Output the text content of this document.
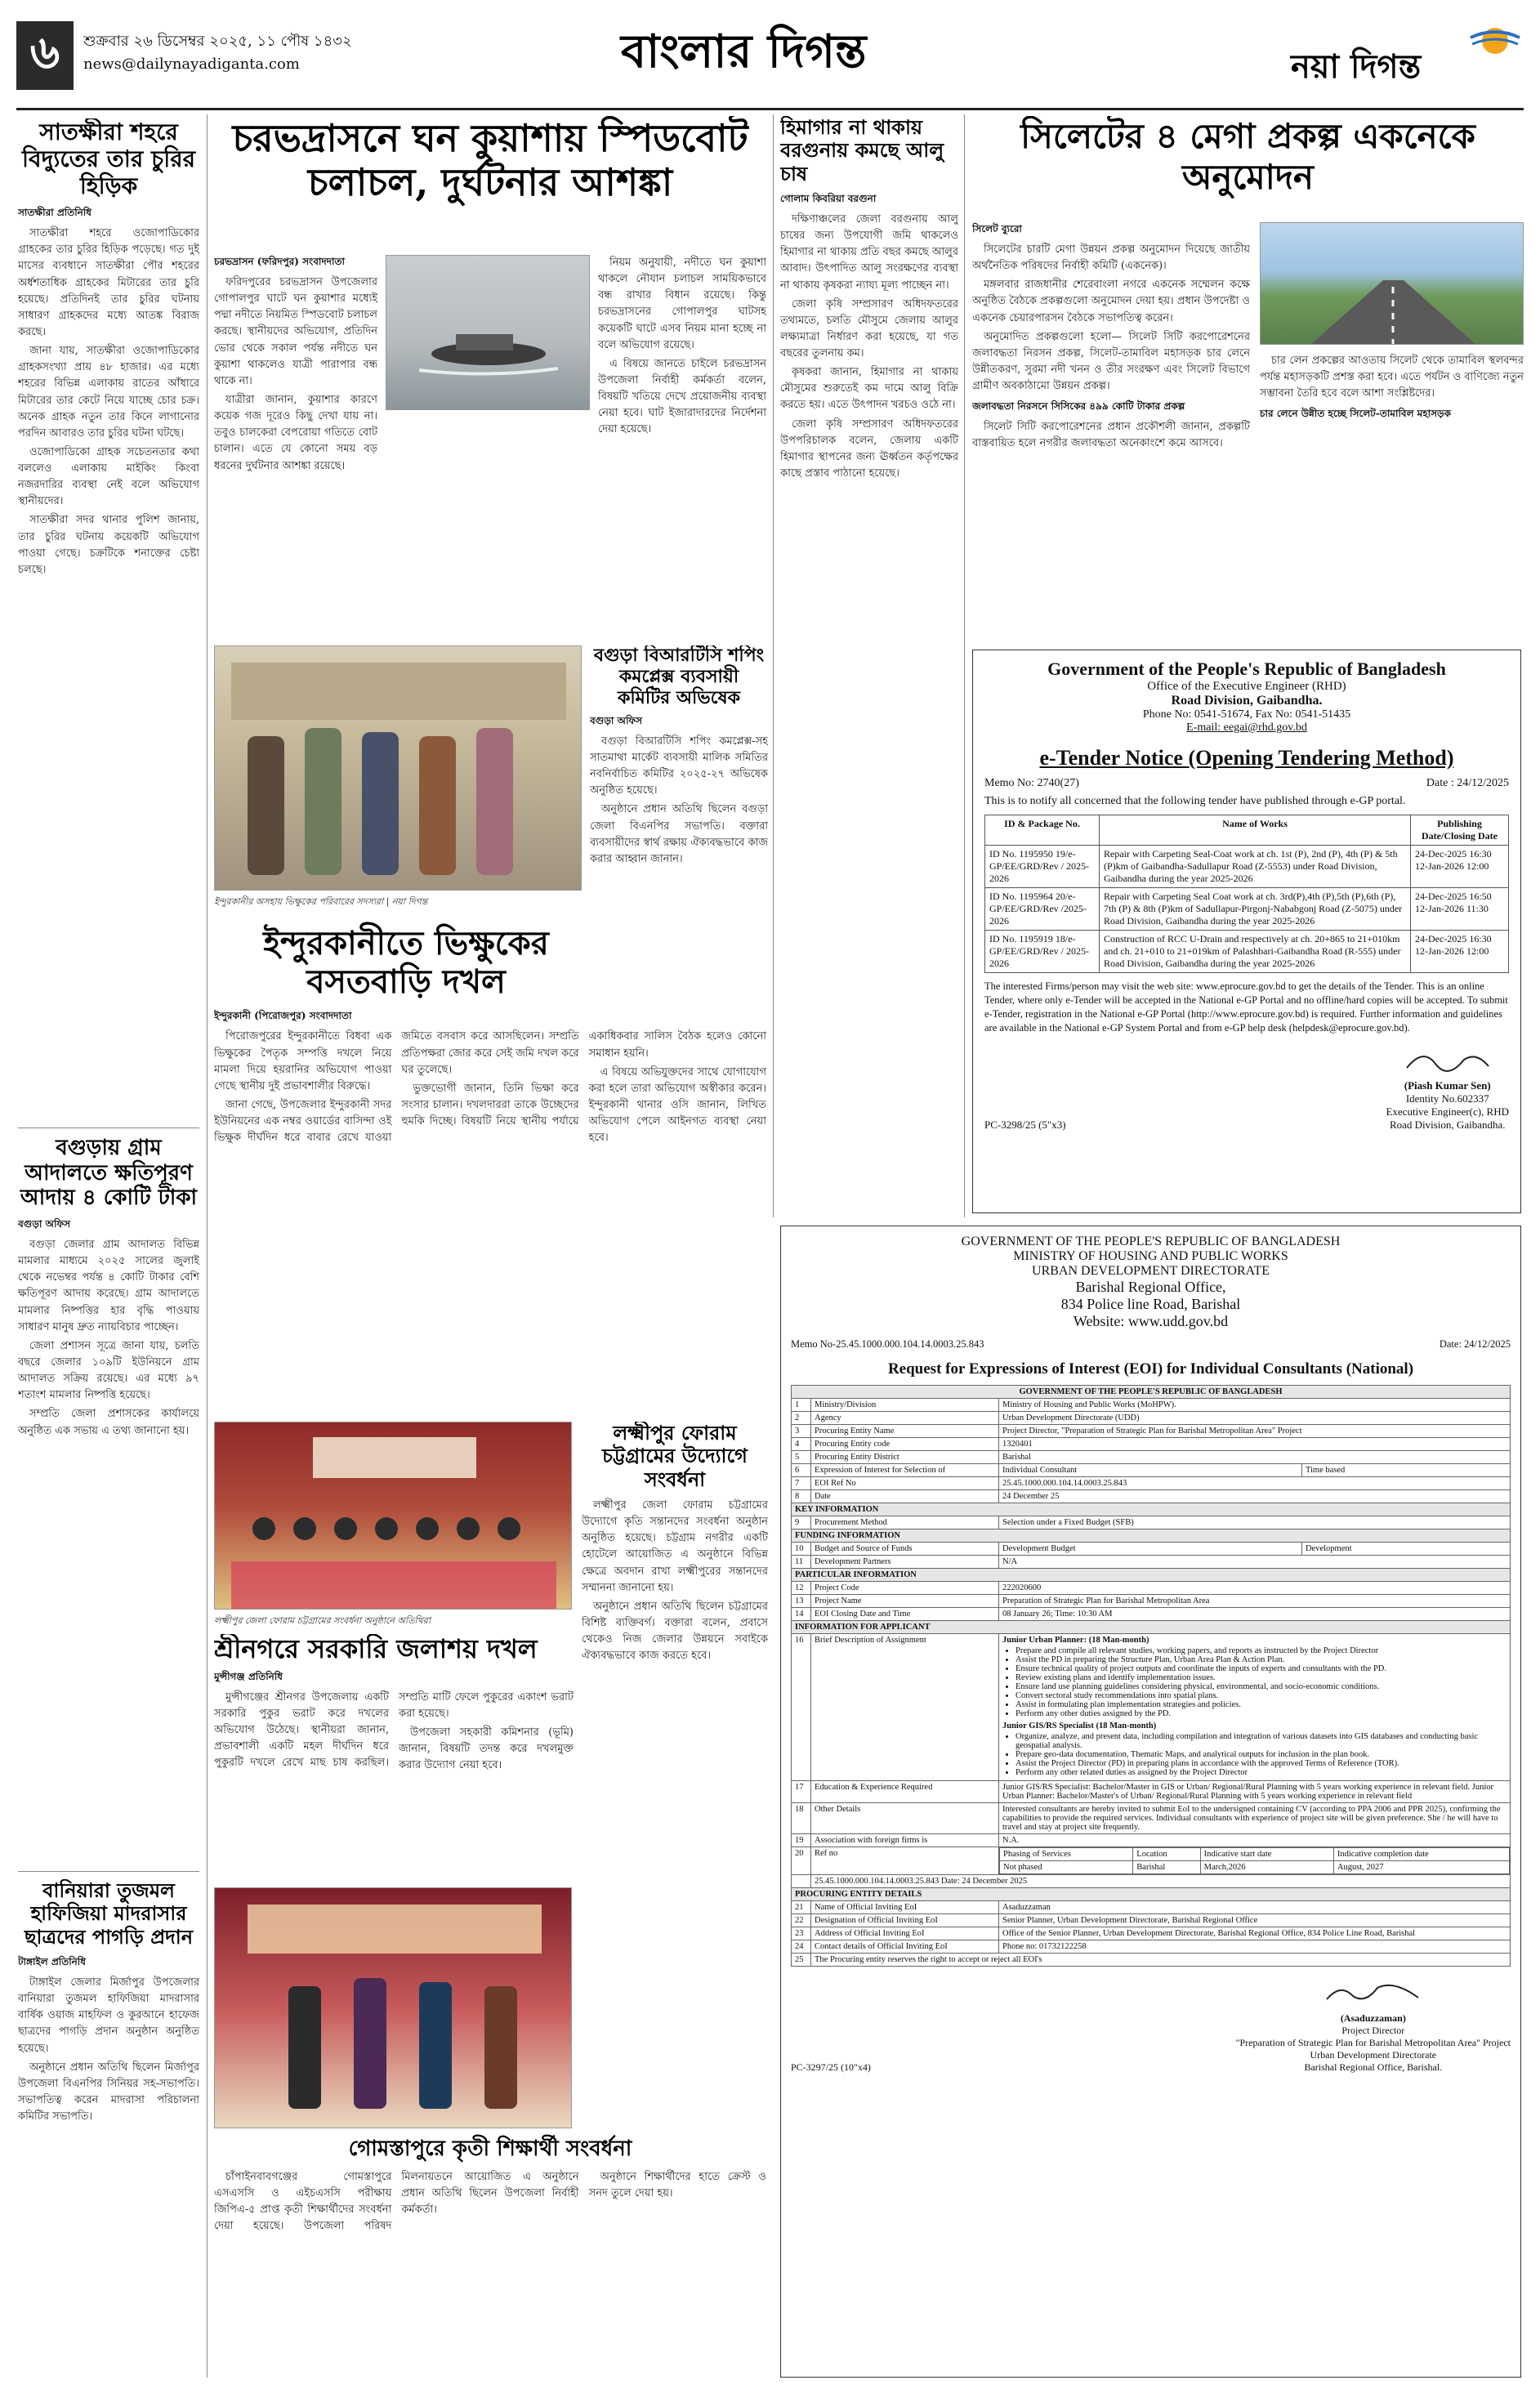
৬ শুক্রবার ২৬ ডিসেম্বর ২০২৫, ১১ পৌষ ১৪৩২
news@dailynayadiganta.com	বাংলার দিগন্ত	নয়া দিগন্ত
সাতক্ষীরা শহরে বিদ্যুতের তার চুরির হিড়িক
সাতক্ষীরা প্রতিনিধি

সাতক্ষীরা শহরে ওজোপাডিকোর গ্রাহকের তার চুরির হিড়িক পড়েছে। গত দুই মাসের ব্যবধানে সাতক্ষীরা পৌর শহরের অর্ধশতাধিক গ্রাহকের মিটারের তার চুরি হয়েছে। প্রতিদিনই তার চুরির ঘটনায় সাধারণ গ্রাহকদের মধ্যে আতঙ্ক বিরাজ করছে।

জানা যায়, সাতক্ষীরা ওজোপাডিকোর গ্রাহকসংখ্যা প্রায় ৪৮ হাজার। এর মধ্যে শহরের বিভিন্ন এলাকায় রাতের আঁধারে মিটারের তার কেটে নিয়ে যাচ্ছে চোর চক্র। অনেক গ্রাহক নতুন তার কিনে লাগানোর পরদিন আবারও তার চুরির ঘটনা ঘটছে।

ওজোপাডিকো গ্রাহক সচেতনতার কথা বললেও এলাকায় মাইকিং কিংবা নজরদারির ব্যবস্থা নেই বলে অভিযোগ স্থানীয়দের।

সাতক্ষীরা সদর থানার পুলিশ জানায়, তার চুরির ঘটনায় কয়েকটি অভিযোগ পাওয়া গেছে। চক্রটিকে শনাক্তের চেষ্টা চলছে।

বগুড়ায় গ্রাম আদালতে ক্ষতিপূরণ আদায় ৪ কোটি টাকা
বগুড়া অফিস

বগুড়া জেলার গ্রাম আদালত বিভিন্ন মামলার মাধ্যমে ২০২৫ সালের জুলাই থেকে নভেম্বর পর্যন্ত ৪ কোটি টাকার বেশি ক্ষতিপূরণ আদায় করেছে। গ্রাম আদালতে মামলার নিষ্পত্তির হার বৃদ্ধি পাওয়ায় সাধারণ মানুষ দ্রুত ন্যায়বিচার পাচ্ছেন।

জেলা প্রশাসন সূত্রে জানা যায়, চলতি বছরে জেলার ১০৯টি ইউনিয়নে গ্রাম আদালত সক্রিয় রয়েছে। এর মধ্যে ৯৭ শতাংশ মামলার নিষ্পত্তি হয়েছে।

সম্প্রতি জেলা প্রশাসকের কার্যালয়ে অনুষ্ঠিত এক সভায় এ তথ্য জানানো হয়।

বানিয়ারা তুজমল হাফিজিয়া মাদরাসার ছাত্রদের পাগড়ি প্রদান
টাঙ্গাইল প্রতিনিধি

টাঙ্গাইল জেলার মির্জাপুর উপজেলার বানিয়ারা তুজমল হাফিজিয়া মাদরাসার বার্ষিক ওয়াজ মাহফিল ও কুরআনে হাফেজ ছাত্রদের পাগড়ি প্রদান অনুষ্ঠান অনুষ্ঠিত হয়েছে।

অনুষ্ঠানে প্রধান অতিথি ছিলেন মির্জাপুর উপজেলা বিএনপির সিনিয়র সহ-সভাপতি। সভাপতিত্ব করেন মাদরাসা পরিচালনা কমিটির সভাপতি।

চরভদ্রাসনে ঘন কুয়াশায় স্পিডবোট
চলাচল, দুর্ঘটনার আশঙ্কা
চরভদ্রাসন (ফরিদপুর) সংবাদদাতা

ফরিদপুরের চরভদ্রাসন উপজেলার গোপালপুর ঘাটে ঘন কুয়াশার মধ্যেই পদ্মা নদীতে নিয়মিত স্পিডবোট চলাচল করছে। স্থানীয়দের অভিযোগ, প্রতিদিন ভোর থেকে সকাল পর্যন্ত নদীতে ঘন কুয়াশা থাকলেও যাত্রী পারাপার বন্ধ থাকে না।

যাত্রীরা জানান, কুয়াশার কারণে কয়েক গজ দূরেও কিছু দেখা যায় না। তবুও চালকেরা বেপরোয়া গতিতে বোট চালান। এতে যে কোনো সময় বড় ধরনের দুর্ঘটনার আশঙ্কা রয়েছে।

নিয়ম অনুযায়ী, নদীতে ঘন কুয়াশা থাকলে নৌযান চলাচল সাময়িকভাবে বন্ধ রাখার বিধান রয়েছে। কিন্তু চরভদ্রাসনের গোপালপুর ঘাটসহ কয়েকটি ঘাটে এসব নিয়ম মানা হচ্ছে না বলে অভিযোগ রয়েছে।

এ বিষয়ে জানতে চাইলে চরভদ্রাসন উপজেলা নির্বাহী কর্মকর্তা বলেন, বিষয়টি খতিয়ে দেখে প্রয়োজনীয় ব্যবস্থা নেয়া হবে। ঘাট ইজারাদারদের নির্দেশনা দেয়া হয়েছে।

ইন্দুরকানীর অসহায় ভিক্ষুকের পরিবারের সদস্যরা | নয়া দিগন্ত
বগুড়া বিআরটিসি শপিং কমপ্লেক্স ব্যবসায়ী কমিটির অভিষেক
বগুড়া অফিস

বগুড়া বিআরটিসি শপিং কমপ্লেক্স-সহ সাতমাথা মার্কেট ব্যবসায়ী মালিক সমিতির নবনির্বাচিত কমিটির ২০২৫-২৭ অভিষেক অনুষ্ঠিত হয়েছে।

অনুষ্ঠানে প্রধান অতিথি ছিলেন বগুড়া জেলা বিএনপির সভাপতি। বক্তারা ব্যবসায়ীদের স্বার্থ রক্ষায় ঐক্যবদ্ধভাবে কাজ করার আহ্বান জানান।

ইন্দুরকানীতে ভিক্ষুকের বসতবাড়ি দখল
ইন্দুরকানী (পিরোজপুর) সংবাদদাতা

পিরোজপুরের ইন্দুরকানীতে বিধবা এক ভিক্ষুকের পৈতৃক সম্পত্তি দখলে নিয়ে মামলা দিয়ে হয়রানির অভিযোগ পাওয়া গেছে স্থানীয় দুই প্রভাবশালীর বিরুদ্ধে।

জানা গেছে, উপজেলার ইন্দুরকানী সদর ইউনিয়নের এক নম্বর ওয়ার্ডের বাসিন্দা ওই ভিক্ষুক দীর্ঘদিন ধরে বাবার রেখে যাওয়া জমিতে বসবাস করে আসছিলেন। সম্প্রতি প্রতিপক্ষরা জোর করে সেই জমি দখল করে ঘর তুলেছে।

ভুক্তভোগী জানান, তিনি ভিক্ষা করে সংসার চালান। দখলদাররা তাকে উচ্ছেদের হুমকি দিচ্ছে। বিষয়টি নিয়ে স্থানীয় পর্যায়ে একাধিকবার সালিস বৈঠক হলেও কোনো সমাধান হয়নি।

এ বিষয়ে অভিযুক্তদের সাথে যোগাযোগ করা হলে তারা অভিযোগ অস্বীকার করেন। ইন্দুরকানী থানার ওসি জানান, লিখিত অভিযোগ পেলে আইনগত ব্যবস্থা নেয়া হবে।

লক্ষ্মীপুর জেলা ফোরাম চট্টগ্রামের সংবর্ধনা অনুষ্ঠানে অতিথিরা
লক্ষ্মীপুর ফোরাম চট্টগ্রামের উদ্যোগে সংবর্ধনা

লক্ষ্মীপুর জেলা ফোরাম চট্টগ্রামের উদ্যোগে কৃতি সন্তানদের সংবর্ধনা অনুষ্ঠান অনুষ্ঠিত হয়েছে। চট্টগ্রাম নগরীর একটি হোটেলে আয়োজিত এ অনুষ্ঠানে বিভিন্ন ক্ষেত্রে অবদান রাখা লক্ষ্মীপুরের সন্তানদের সম্মাননা জানানো হয়।

অনুষ্ঠানে প্রধান অতিথি ছিলেন চট্টগ্রামের বিশিষ্ট ব্যক্তিবর্গ। বক্তারা বলেন, প্রবাসে থেকেও নিজ জেলার উন্নয়নে সবাইকে ঐক্যবদ্ধভাবে কাজ করতে হবে।

শ্রীনগরে সরকারি জলাশয় দখল
মুন্সীগঞ্জ প্রতিনিধি

মুন্সীগঞ্জের শ্রীনগর উপজেলায় একটি সরকারি পুকুর ভরাট করে দখলের অভিযোগ উঠেছে। স্থানীয়রা জানান, প্রভাবশালী একটি মহল দীর্ঘদিন ধরে পুকুরটি দখলে রেখে মাছ চাষ করছিল। সম্প্রতি মাটি ফেলে পুকুরের একাংশ ভরাট করা হয়েছে।

উপজেলা সহকারী কমিশনার (ভূমি) জানান, বিষয়টি তদন্ত করে দখলমুক্ত করার উদ্যোগ নেয়া হবে।

গোমস্তাপুরে কৃতী শিক্ষার্থী সংবর্ধনা

চাঁপাইনবাবগঞ্জের গোমস্তাপুরে এসএসসি ও এইচএসসি পরীক্ষায় জিপিএ-৫ প্রাপ্ত কৃতী শিক্ষার্থীদের সংবর্ধনা দেয়া হয়েছে। উপজেলা পরিষদ মিলনায়তনে আয়োজিত এ অনুষ্ঠানে প্রধান অতিথি ছিলেন উপজেলা নির্বাহী কর্মকর্তা।

অনুষ্ঠানে শিক্ষার্থীদের হাতে ক্রেস্ট ও সনদ তুলে দেয়া হয়।

হিমাগার না থাকায় বরগুনায় কমছে আলু চাষ
গোলাম কিবরিয়া বরগুনা

দক্ষিণাঞ্চলের জেলা বরগুনায় আলু চাষের জন্য উপযোগী জমি থাকলেও হিমাগার না থাকায় প্রতি বছর কমছে আলুর আবাদ। উৎপাদিত আলু সংরক্ষণের ব্যবস্থা না থাকায় কৃষকরা ন্যায্য মূল্য পাচ্ছেন না।

জেলা কৃষি সম্প্রসারণ অধিদফতরের তথ্যমতে, চলতি মৌসুমে জেলায় আলুর লক্ষ্যমাত্রা নির্ধারণ করা হয়েছে, যা গত বছরের তুলনায় কম।

কৃষকরা জানান, হিমাগার না থাকায় মৌসুমের শুরুতেই কম দামে আলু বিক্রি করতে হয়। এতে উৎপাদন খরচও ওঠে না।

জেলা কৃষি সম্প্রসারণ অধিদফতরের উপপরিচালক বলেন, জেলায় একটি হিমাগার স্থাপনের জন্য ঊর্ধ্বতন কর্তৃপক্ষের কাছে প্রস্তাব পাঠানো হয়েছে।

সিলেটের ৪ মেগা প্রকল্প একনেকে অনুমোদন
সিলেট ব্যুরো

সিলেটের চারটি মেগা উন্নয়ন প্রকল্প অনুমোদন দিয়েছে জাতীয় অর্থনৈতিক পরিষদের নির্বাহী কমিটি (একনেক)।

মঙ্গলবার রাজধানীর শেরেবাংলা নগরে একনেক সম্মেলন কক্ষে অনুষ্ঠিত বৈঠকে প্রকল্পগুলো অনুমোদন দেয়া হয়। প্রধান উপদেষ্টা ও একনেক চেয়ারপারসন বৈঠকে সভাপতিত্ব করেন।

অনুমোদিত প্রকল্পগুলো হলো— সিলেট সিটি করপোরেশনের জলাবদ্ধতা নিরসন প্রকল্প, সিলেট-তামাবিল মহাসড়ক চার লেনে উন্নীতকরণ, সুরমা নদী খনন ও তীর সংরক্ষণ এবং সিলেট বিভাগে গ্রামীণ অবকাঠামো উন্নয়ন প্রকল্প।

জলাবদ্ধতা নিরসনে সিসিকের ৪৯৯ কোটি টাকার প্রকল্প

সিলেট সিটি করপোরেশনের প্রধান প্রকৌশলী জানান, প্রকল্পটি বাস্তবায়িত হলে নগরীর জলাবদ্ধতা অনেকাংশে কমে আসবে।

চার লেন প্রকল্পের আওতায় সিলেট থেকে তামাবিল স্থলবন্দর পর্যন্ত মহাসড়কটি প্রশস্ত করা হবে। এতে পর্যটন ও বাণিজ্যে নতুন সম্ভাবনা তৈরি হবে বলে আশা সংশ্লিষ্টদের।

চার লেনে উন্নীত হচ্ছে সিলেট-তামাবিল মহাসড়ক
Government of the People's Republic of Bangladesh
Office of the Executive Engineer (RHD)
Road Division, Gaibandha.
Phone No: 0541-51674, Fax No: 0541-51435
E-mail: eegai@rhd.gov.bd
e-Tender Notice (Opening Tendering Method)
Memo No: 2740(27)	Date : 24/12/2025
This is to notify all concerned that the following tender have published through e-GP portal.
ID & Package No.	Name of Works	Publishing Date/Closing Date
ID No. 1195950 19/e-GP/EE/GRD/Rev / 2025-2026	Repair with Carpeting Seal-Coat work at ch. 1st (P), 2nd (P), 4th (P) & 5th (P)km of Gaibandha-Sadullapur Road (Z-5553) under Road Division, Gaibandha during the year 2025-2026	24-Dec-2025 16:30
12-Jan-2026 12:00

ID No. 1195964 20/e-GP/EE/GRD/Rev /2025-2026	Repair with Carpeting Seal Coat work at ch. 3rd(P),4th (P),5th (P),6th (P), 7th (P) & 8th (P)km of Sadullapur-Pirgonj-Nababgonj Road (Z-5075) under Road Division, Gaibandha during the year 2025-2026	24-Dec-2025 16:50
12-Jan-2026 11:30

ID No. 1195919 18/e-GP/EE/GRD/Rev / 2025-2026	Construction of RCC U-Drain and respectively at ch. 20+865 to 21+010km and ch. 21+010 to 21+019km of Palashbari-Gaibandha Road (R-555) under Road Division, Gaibandha during the year 2025-2026	24-Dec-2025 16:30
12-Jan-2026 12:00
The interested Firms/person may visit the web site: www.eprocure.gov.bd to get the details of the Tender. This is an online Tender, where only e-Tender will be accepted in the National e-GP Portal and no offline/hard copies will be accepted. To submit e-Tender, registration in the National e-GP Portal (http://www.eprocure.gov.bd) is required. Further information and guidelines are available in the National e-GP System Portal and from e-GP help desk (helpdesk@eprocure.gov.bd).
PC-3298/25 (5"x3)
(Piash Kumar Sen)
Identity No.602337
Executive Engineer(c), RHD
Road Division, Gaibandha.
GOVERNMENT OF THE PEOPLE'S REPUBLIC OF BANGLADESH
MINISTRY OF HOUSING AND PUBLIC WORKS
URBAN DEVELOPMENT DIRECTORATE
Barishal Regional Office,
834 Police line Road, Barishal
Website: www.udd.gov.bd
Memo No-25.45.1000.000.104.14.0003.25.843	Date: 24/12/2025
Request for Expressions of Interest (EOI) for Individual Consultants (National)
GOVERNMENT OF THE PEOPLE'S REPUBLIC OF BANGLADESH
1	Ministry/Division	Ministry of Housing and Public Works (MoHPW).
2	Agency	Urban Development Directorate (UDD)
3	Procuring Entity Name	Project Director, "Preparation of Strategic Plan for Barishal Metropolitan Area" Project
4	Procuring Entity code	1320401
5	Procuring Entity District	Barishal
6	Expression of Interest for Selection of	Individual Consultant	Time based
7	EOI Ref No	25.45.1000.000.104.14.0003.25.843
8	Date	24 December 25
KEY INFORMATION
9	Procurement Method	Selection under a Fixed Budget (SFB)
FUNDING INFORMATION
10	Budget and Source of Funds	Development Budget	Development
11	Development Partners	N/A
PARTICULAR INFORMATION
12	Project Code	222020600
13	Project Name	Preparation of Strategic Plan for Barishal Metropolitan Area
14	EOI Closing Date and Time	08 January 26; Time: 10:30 AM
INFORMATION FOR APPLICANT
16	Brief Description of Assignment	Junior Urban Planner: (18 Man-month)
• Prepare and compile all relevant studies, working papers, and reports as instructed by the Project Director
• Assist the PD in preparing the Structure Plan, Urban Area Plan & Action Plan.
• Ensure technical quality of project outputs and coordinate the inputs of experts and consultants with the PD.
• Review existing plans and identify implementation issues.
• Ensure land use planning guidelines considering physical, environmental, and socio-economic conditions.
• Convert sectoral study recommendations into spatial plans.
• Assist in formulating plan implementation strategies and policies.
• Perform any other duties assigned by the PD.
Junior GIS/RS Specialist (18 Man-month)
• Organize, analyze, and present data, including compilation and integration of various datasets into GIS databases and conducting basic geospatial analysis.
• Prepare geo-data documentation, Thematic Maps, and analytical outputs for inclusion in the plan book.
• Assist the Project Director (PD) in preparing plans in accordance with the approved Terms of Reference (TOR).
• Perform any other related duties as assigned by the Project Director

17	Education & Experience Required	Junior GIS/RS Specialist: Bachelor/Master in GIS or Urban/ Regional/Rural Planning with 5 years working experience in relevant field. Junior Urban Planner: Bachelor/Master's of Urban/ Regional/Rural Planning with 5 years working experience in relevant field
18	Other Details	Interested consultants are hereby invited to submit EoI to the undersigned containing CV (according to PPA 2006 and PPR 2025), confirming the capabilities to provide the required services. Individual consultants with experience of project site will be given preference. She / he will have to travel and stay at project site frequently.
19	Association with foreign firms is	N.A.
20	Ref no		Phasing of Services	Location	Indicative start date	Indicative completion date
Not phased	Barishal	March,2026	August, 2027

	25.45.1000.000.104.14.0003.25.843 Date: 24 December 2025
PROCURING ENTITY DETAILS
21	Name of Official Inviting EoI	Asaduzzaman
22	Designation of Official Inviting EoI	Senior Planner, Urban Development Directorate, Barishal Regional Office
23	Address of Official Inviting EoI	Office of the Senior Planner, Urban Development Directorate, Barishal Regional Office, 834 Police Line Road, Barishal
24	Contact details of Official Inviting EoI	Phone no: 01732122258
25	The Procuring entity reserves the right to accept or reject all EOI's
PC-3297/25 (10"x4)
(Asaduzzaman)
Project Director
"Preparation of Strategic Plan for Barishal Metropolitan Area" Project
Urban Development Directorate
Barishal Regional Office, Barishal.
